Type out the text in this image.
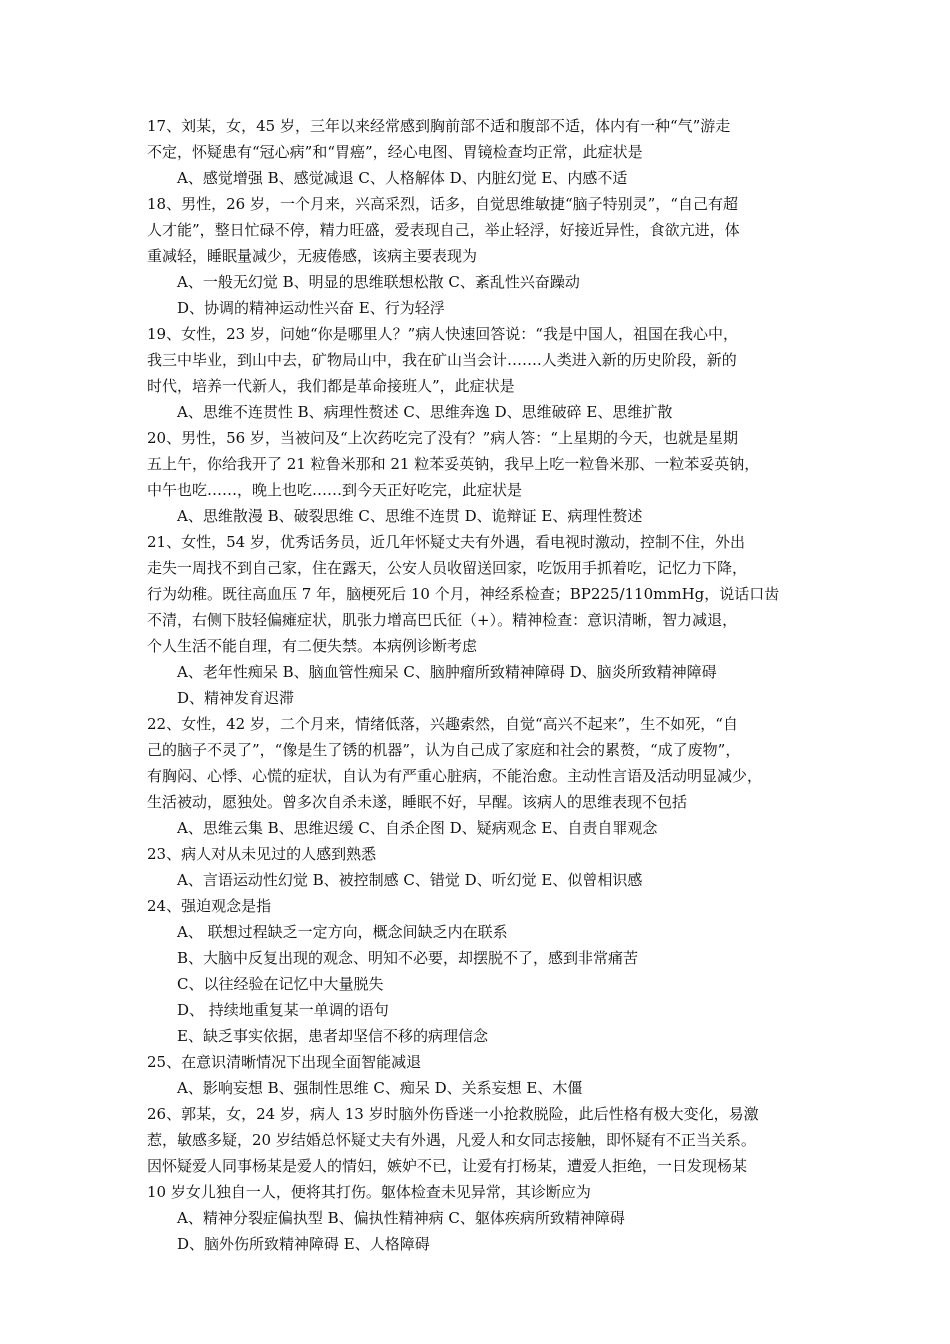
17、刘某，女，45 岁，三年以来经常感到胸前部不适和腹部不适，体内有一种“气”游走
不定，怀疑患有“冠心病”和“胃癌”，经心电图、胃镜检查均正常，此症状是
A、感觉增强 B、感觉减退 C、人格解体 D、内脏幻觉 E、内感不适
18、男性，26 岁，一个月来，兴高采烈，话多，自觉思维敏捷“脑子特别灵”，“自己有超
人才能”，整日忙碌不停，精力旺盛，爱表现自己，举止轻浮，好接近异性，食欲亢进，体
重减轻，睡眠量减少，无疲倦感，该病主要表现为
A、一般无幻觉 B、明显的思维联想松散 C、紊乱性兴奋躁动
D、协调的精神运动性兴奋 E、行为轻浮
19、女性，23 岁，问她“你是哪里人？”病人快速回答说：“我是中国人，祖国在我心中，
我三中毕业，到山中去，矿物局山中，我在矿山当会计…….人类进入新的历史阶段，新的
时代，培养一代新人，我们都是革命接班人”，此症状是
A、思维不连贯性 B、病理性赘述 C、思维奔逸 D、思维破碎 E、思维扩散
20、男性，56 岁，当被问及“上次药吃完了没有？”病人答：“上星期的今天，也就是星期
五上午，你给我开了 21 粒鲁米那和 21 粒苯妥英钠，我早上吃一粒鲁米那、一粒苯妥英钠，
中午也吃……，晚上也吃……到今天正好吃完，此症状是
A、思维散漫 B、破裂思维 C、思维不连贯 D、诡辩证 E、病理性赘述
21、女性，54 岁，优秀话务员，近几年怀疑丈夫有外遇，看电视时激动，控制不住，外出
走失一周找不到自己家，住在露天，公安人员收留送回家，吃饭用手抓着吃，记忆力下降，
行为幼稚。既往高血压 7 年，脑梗死后 10 个月，神经系检查；BP225/110mmHg，说话口齿
不清，右侧下肢轻偏瘫症状，肌张力增高巴氏征（+）。精神检查：意识清晰，智力减退，
个人生活不能自理，有二便失禁。本病例诊断考虑
A、老年性痴呆 B、脑血管性痴呆 C、脑肿瘤所致精神障碍 D、脑炎所致精神障碍
D、精神发育迟滞
22、女性，42 岁，二个月来，情绪低落，兴趣索然，自觉“高兴不起来”，生不如死，“自
己的脑子不灵了”，“像是生了锈的机器”，认为自己成了家庭和社会的累赘，“成了废物”，
有胸闷、心悸、心慌的症状，自认为有严重心脏病，不能治愈。主动性言语及活动明显减少，
生活被动，愿独处。曾多次自杀未遂，睡眠不好，早醒。该病人的思维表现不包括
A、思维云集 B、思维迟缓 C、自杀企图 D、疑病观念 E、自责自罪观念
23、病人对从未见过的人感到熟悉
A、言语运动性幻觉 B、被控制感 C、错觉 D、听幻觉 E、似曾相识感
24、强迫观念是指
A、 联想过程缺乏一定方向，概念间缺乏内在联系
B、大脑中反复出现的观念、明知不必要，却摆脱不了，感到非常痛苦
C、以往经验在记忆中大量脱失
D、 持续地重复某一单调的语句
E、缺乏事实依据，患者却坚信不移的病理信念
25、在意识清晰情况下出现全面智能减退
A、影响妄想 B、强制性思维 C、痴呆 D、关系妄想 E、木僵
26、郭某，女，24 岁，病人 13 岁时脑外伤昏迷一小抢救脱险，此后性格有极大变化，易激
惹，敏感多疑，20 岁结婚总怀疑丈夫有外遇，凡爱人和女同志接触，即怀疑有不正当关系。
因怀疑爱人同事杨某是爱人的情妇，嫉妒不已，让爱有打杨某，遭爱人拒绝，一日发现杨某
10 岁女儿独自一人，便将其打伤。躯体检查未见异常，其诊断应为
A、精神分裂症偏执型 B、偏执性精神病 C、躯体疾病所致精神障碍
D、脑外伤所致精神障碍 E、人格障碍
